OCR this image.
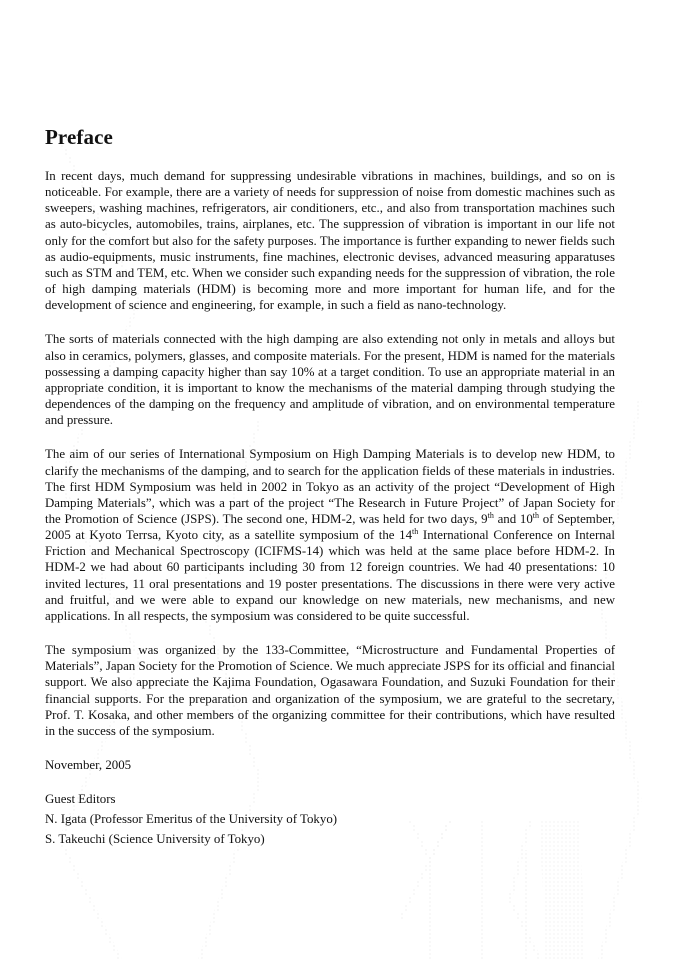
Preface

In recent days, much demand for suppressing undesirable vibrations in machines, buildings, and so on is noticeable. For example, there are a variety of needs for suppression of noise from domestic machines such as sweepers, washing machines, refrigerators, air conditioners, etc., and also from transportation machines such as auto-bicycles, automobiles, trains, airplanes, etc. The suppression of vibration is important in our life not only for the comfort but also for the safety purposes. The importance is further expanding to newer fields such as audio-equipments, music instruments, fine machines, electronic devises, advanced measuring apparatuses such as STM and TEM, etc. When we consider such expanding needs for the suppression of vibration, the role of high damping materials (HDM) is becoming more and more important for human life, and for the development of science and engineering, for example, in such a field as nano-technology.

The sorts of materials connected with the high damping are also extending not only in metals and alloys but also in ceramics, polymers, glasses, and composite materials. For the present, HDM is named for the materials possessing a damping capacity higher than say 10% at a target condition. To use an appropriate material in an appropriate condition, it is important to know the mechanisms of the material damping through studying the dependences of the damping on the frequency and amplitude of vibration, and on environmental temperature and pressure.

The aim of our series of International Symposium on High Damping Materials is to develop new HDM, to clarify the mechanisms of the damping, and to search for the application fields of these materials in industries. The first HDM Symposium was held in 2002 in Tokyo as an activity of the project “Development of High Damping Materials”, which was a part of the project “The Research in Future Project” of Japan Society for the Promotion of Science (JSPS). The second one, HDM-2, was held for two days, 9th and 10th of September, 2005 at Kyoto Terrsa, Kyoto city, as a satellite symposium of the 14th International Conference on Internal Friction and Mechanical Spectroscopy (ICIFMS-14) which was held at the same place before HDM-2. In HDM-2 we had about 60 participants including 30 from 12 foreign countries. We had 40 presentations: 10 invited lectures, 11 oral presentations and 19 poster presentations. The discussions in there were very active and fruitful, and we were able to expand our knowledge on new materials, new mechanisms, and new applications. In all respects, the symposium was considered to be quite successful.

The symposium was organized by the 133-Committee, “Microstructure and Fundamental Properties of Materials”, Japan Society for the Promotion of Science. We much appreciate JSPS for its official and financial support. We also appreciate the Kajima Foundation, Ogasawara Foundation, and Suzuki Foundation for their financial supports. For the preparation and organization of the symposium, we are grateful to the secretary, Prof. T. Kosaka, and other members of the organizing committee for their contributions, which have resulted in the success of the symposium.

November, 2005
Guest Editors
N. Igata (Professor Emeritus of the University of Tokyo)
S. Takeuchi (Science University of Tokyo)
